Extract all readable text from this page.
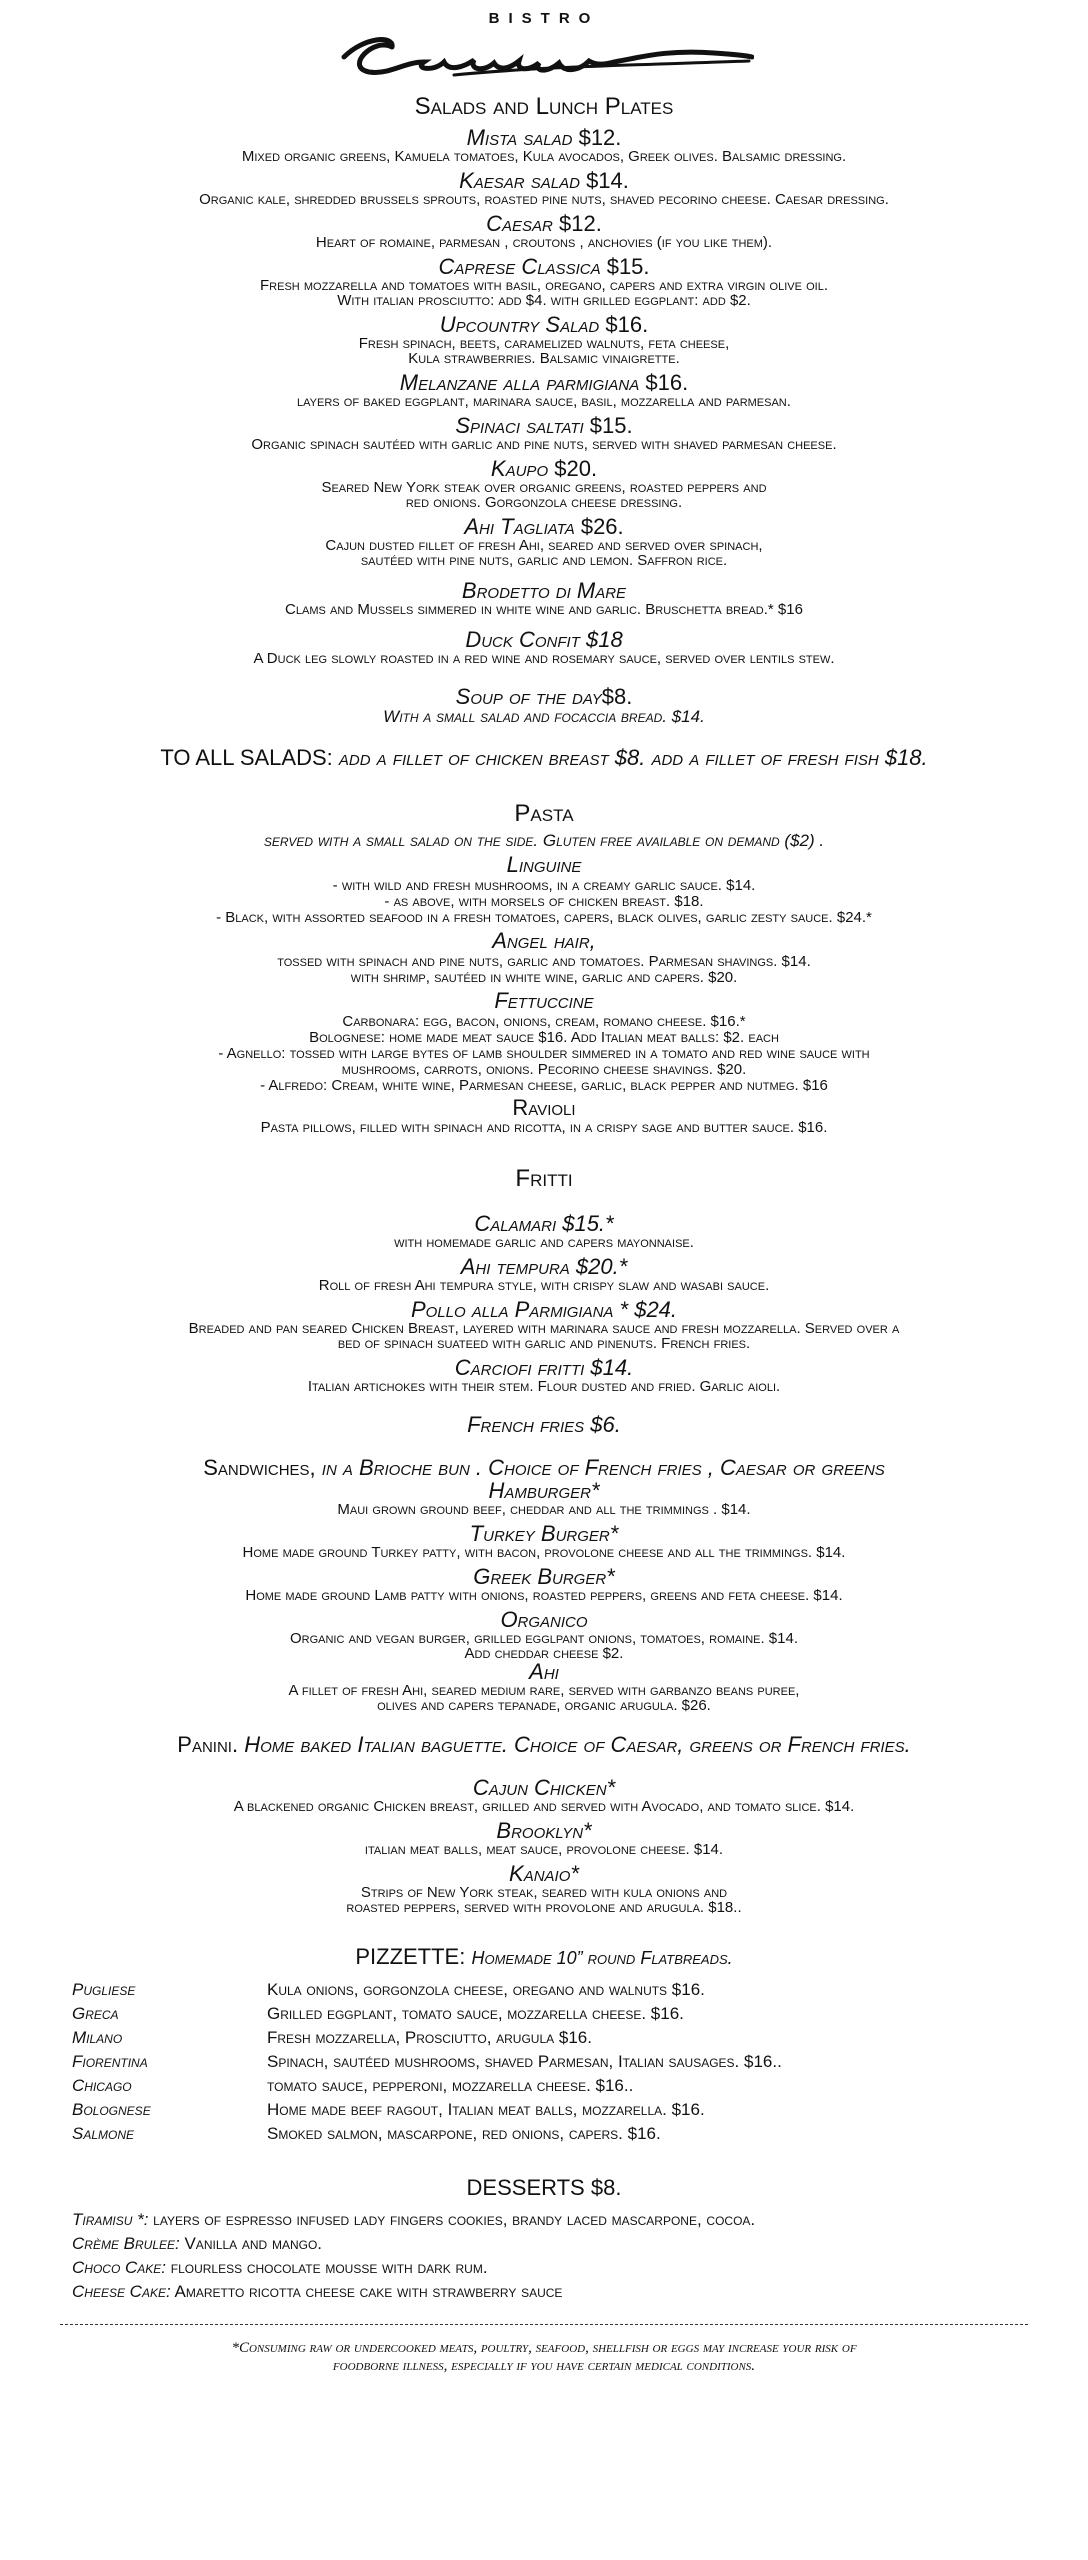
BISTRO
Salads and Lunch Plates
Mista salad $12.
Mixed organic greens, Kamuela tomatoes, Kula avocados, Greek olives. Balsamic dressing.
Kaesar salad $14.
Organic kale, shredded brussels sprouts, roasted pine nuts, shaved pecorino cheese. Caesar dressing.
Caesar $12.
Heart of romaine, parmesan , croutons , anchovies (if you like them).
Caprese Classica $15.
Fresh mozzarella and tomatoes with basil, oregano, capers and extra virgin olive oil.
With italian prosciutto: add $4. with grilled eggplant: add $2.
Upcountry Salad $16.
Fresh spinach, beets, caramelized walnuts, feta cheese,
Kula strawberries. Balsamic vinaigrette.
Melanzane alla parmigiana $16.
layers of baked eggplant, marinara sauce, basil, mozzarella and parmesan.
Spinaci saltati $15.
Organic spinach sautéed with garlic and pine nuts, served with shaved parmesan cheese.
Kaupo $20.
Seared New York steak over organic greens, roasted peppers and
red onions. Gorgonzola cheese dressing.
Ahi Tagliata $26.
Cajun dusted fillet of fresh Ahi, seared and served over spinach,
sautéed with pine nuts, garlic and lemon. Saffron rice.
Brodetto di Mare
Clams and Mussels simmered in white wine and garlic. Bruschetta bread.* $16
Duck Confit $18
A Duck leg slowly roasted in a red wine and rosemary sauce, served over lentils stew.
Soup of the day$8.
With a small salad and focaccia bread. $14.
TO ALL SALADS: add a fillet of chicken breast $8. add a fillet of fresh fish $18.
Pasta
served with a small salad on the side. Gluten free available on demand ($2) .
Linguine
- with wild and fresh mushrooms, in a creamy garlic sauce. $14.
- as above, with morsels of chicken breast. $18.
- Black, with assorted seafood in a fresh tomatoes, capers, black olives, garlic zesty sauce. $24.*
Angel hair,
tossed with spinach and pine nuts, garlic and tomatoes. Parmesan shavings. $14.
with shrimp, sautéed in white wine, garlic and capers. $20.
Fettuccine
Carbonara: egg, bacon, onions, cream, romano cheese. $16.*
Bolognese: home made meat sauce $16. Add Italian meat balls: $2. each
- Agnello: tossed with large bytes of lamb shoulder simmered in a tomato and red wine sauce with
mushrooms, carrots, onions. Pecorino cheese shavings. $20.
- Alfredo: Cream, white wine, Parmesan cheese, garlic, black pepper and nutmeg. $16
Ravioli
Pasta pillows, filled with spinach and ricotta, in a crispy sage and butter sauce. $16.
Fritti
Calamari $15.*
with homemade garlic and capers mayonnaise.
Ahi tempura $20.*
Roll of fresh Ahi tempura style, with crispy slaw and wasabi sauce.
Pollo alla Parmigiana * $24.
Breaded and pan seared Chicken Breast, layered with marinara sauce and fresh mozzarella. Served over a
bed of spinach suateed with garlic and pinenuts. French fries.
Carciofi fritti $14.
Italian artichokes with their stem. Flour dusted and fried. Garlic aioli.
French fries $6.
Sandwiches, in a Brioche bun . Choice of French fries , Caesar or greens
Hamburger*
Maui grown ground beef, cheddar and all the trimmings . $14.
Turkey Burger*
Home made ground Turkey patty, with bacon, provolone cheese and all the trimmings. $14.
Greek Burger*
Home made ground Lamb patty with onions, roasted peppers, greens and feta cheese. $14.
Organico
Organic and vegan burger, grilled egglpant onions, tomatoes, romaine. $14.
Add cheddar cheese $2.
Ahi
A fillet of fresh Ahi, seared medium rare, served with garbanzo beans puree,
olives and capers tepanade, organic arugula. $26.
Panini. Home baked Italian baguette. Choice of Caesar, greens or French fries.
Cajun Chicken*
A blackened organic Chicken breast, grilled and served with Avocado, and tomato slice. $14.
Brooklyn*
italian meat balls, meat sauce, provolone cheese. $14.
Kanaio*
Strips of New York steak, seared with kula onions and
roasted peppers, served with provolone and arugula. $18..
PIZZETTE: Homemade 10” round Flatbreads.
Pugliese	Kula onions, gorgonzola cheese, oregano and walnuts $16.
Greca	Grilled eggplant, tomato sauce, mozzarella cheese. $16.
Milano	Fresh mozzarella, Prosciutto, arugula $16.
Fiorentina	Spinach, sautéed mushrooms, shaved Parmesan, Italian sausages. $16..
Chicago	tomato sauce, pepperoni, mozzarella cheese. $16..
Bolognese	Home made beef ragout, Italian meat balls, mozzarella. $16.
Salmone	Smoked salmon, mascarpone, red onions, capers. $16.
DESSERTS $8.
Tiramisu *: layers of espresso infused lady fingers cookies, brandy laced mascarpone, cocoa.
Crème Brulee: Vanilla and mango.
Choco Cake: flourless chocolate mousse with dark rum.
Cheese Cake: Amaretto ricotta cheese cake with strawberry sauce
*Consuming raw or undercooked meats, poultry, seafood, shellfish or eggs may increase your risk of
foodborne illness, especially if you have certain medical conditions.
